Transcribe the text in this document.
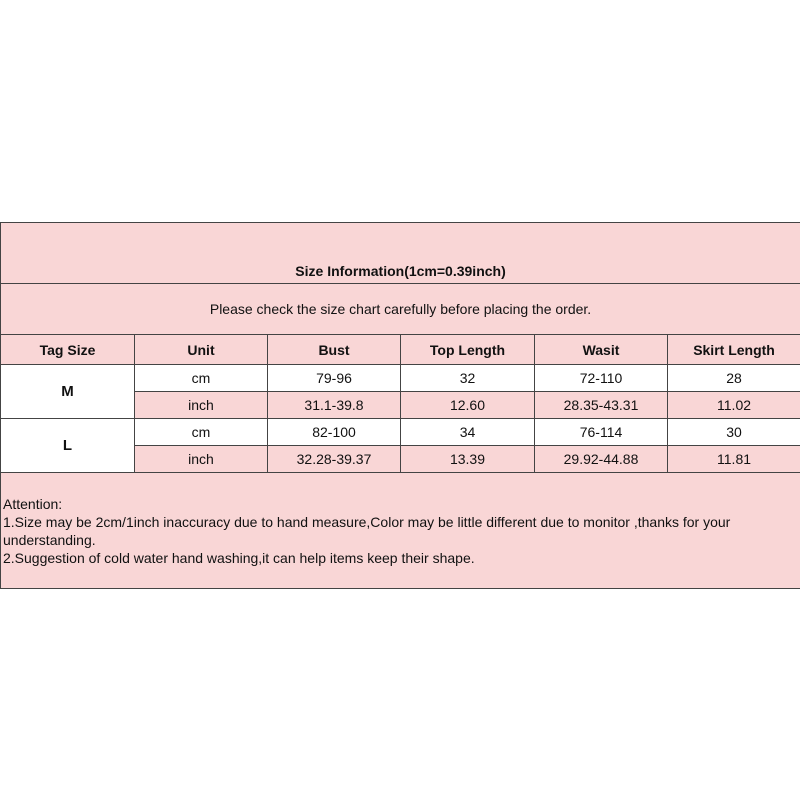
Size Information(1cm=0.39inch)					
Please check the size chart carefully before placing the order.					
Tag Size	Unit	Bust	Top Length	Wasit	Skirt Length
M	cm	79-96	32	72-110	28
	inch	31.1-39.8	12.60	28.35-43.31	11.02
L	cm	82-100	34	76-114	30
	inch	32.28-39.37	13.39	29.92-44.88	11.81

Attention:
1.Size may be 2cm/1inch inaccuracy due to hand measure,Color may be little different due to monitor ,thanks for your
understanding.
2.Suggestion of cold water hand washing,it can help items keep their shape.					
